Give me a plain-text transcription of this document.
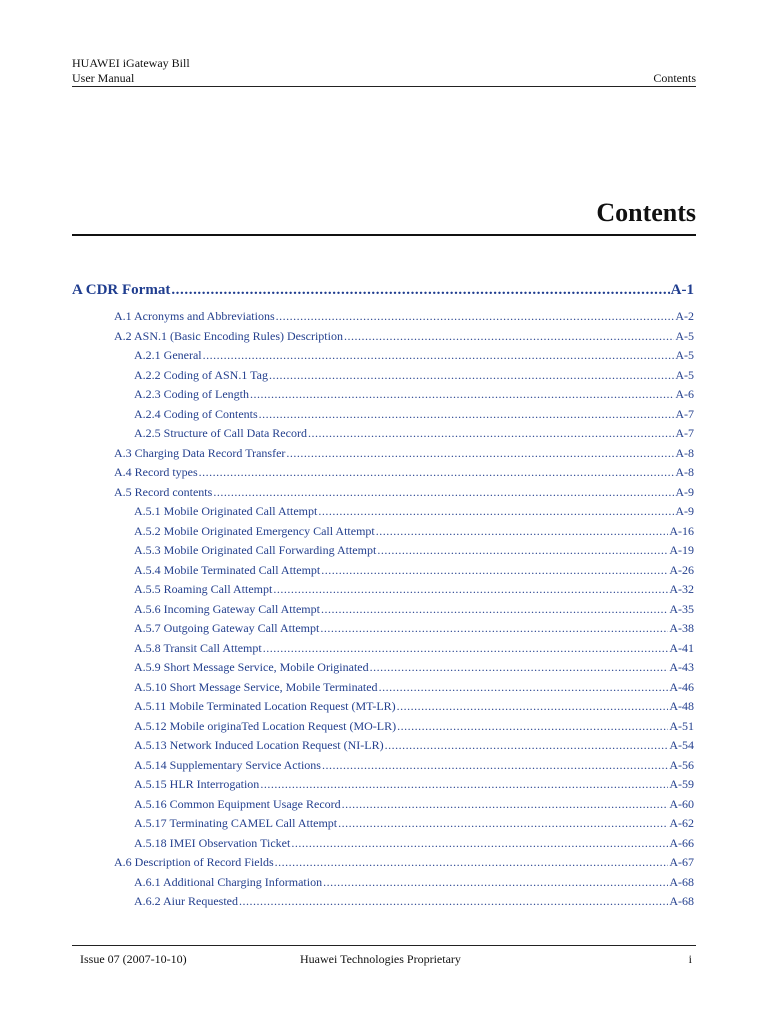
HUAWEI iGateway Bill
User Manual	Contents
Contents
A CDR Format .....	A-1
A.1 Acronyms and Abbreviations .....	A-2
A.2 ASN.1 (Basic Encoding Rules) Description .....	A-5
A.2.1 General .....	A-5
A.2.2 Coding of ASN.1 Tag .....	A-5
A.2.3 Coding of Length .....	A-6
A.2.4 Coding of Contents .....	A-7
A.2.5 Structure of Call Data Record .....	A-7
A.3 Charging Data Record Transfer .....	A-8
A.4 Record types .....	A-8
A.5 Record contents .....	A-9
A.5.1 Mobile Originated Call Attempt .....	A-9
A.5.2 Mobile Originated Emergency Call Attempt .....	A-16
A.5.3 Mobile Originated Call Forwarding Attempt .....	A-19
A.5.4 Mobile Terminated Call Attempt .....	A-26
A.5.5 Roaming Call Attempt .....	A-32
A.5.6 Incoming Gateway Call Attempt .....	A-35
A.5.7 Outgoing Gateway Call Attempt .....	A-38
A.5.8 Transit Call Attempt .....	A-41
A.5.9 Short Message Service, Mobile Originated .....	A-43
A.5.10 Short Message Service, Mobile Terminated .....	A-46
A.5.11 Mobile Terminated Location Request (MT-LR) .....	A-48
A.5.12 Mobile originaTed Location Request (MO-LR) .....	A-51
A.5.13 Network Induced Location Request (NI-LR) .....	A-54
A.5.14 Supplementary Service Actions .....	A-56
A.5.15 HLR Interrogation .....	A-59
A.5.16 Common Equipment Usage Record .....	A-60
A.5.17 Terminating CAMEL Call Attempt .....	A-62
A.5.18 IMEI Observation Ticket .....	A-66
A.6 Description of Record Fields .....	A-67
A.6.1 Additional Charging Information .....	A-68
A.6.2 Aiur Requested .....	A-68
Issue 07 (2007-10-10)	Huawei Technologies Proprietary	i
